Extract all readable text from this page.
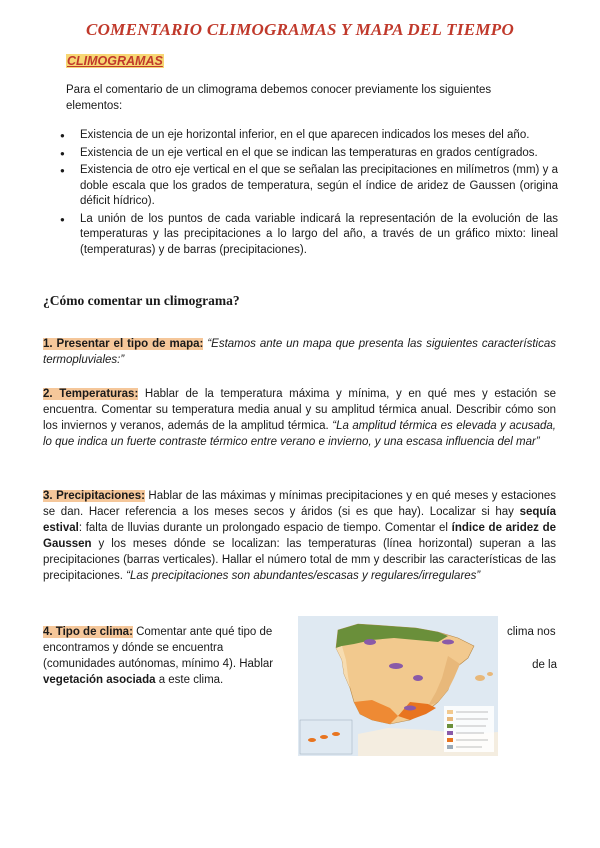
COMENTARIO CLIMOGRAMAS Y MAPA DEL TIEMPO
CLIMOGRAMAS

Para el comentario de un climograma debemos conocer previamente los siguientes elementos:

● Existencia de un eje horizontal inferior, en el que aparecen indicados los meses del año.
● Existencia de un eje vertical en el que se indican las temperaturas en grados centígrados.
● Existencia de otro eje vertical en el que se señalan las precipitaciones en milímetros (mm) y a doble escala que los grados de temperatura, según el índice de aridez de Gaussen (origina déficit hídrico).
● La unión de los puntos de cada variable indicará la representación de la evolución de las temperaturas y las precipitaciones a lo largo del año, a través de un gráfico mixto: lineal (temperaturas) y de barras (precipitaciones).
¿Cómo comentar un climograma?

1. Presentar el tipo de mapa: “Estamos ante un mapa que presenta las siguientes características termopluviales:”

2. Temperaturas: Hablar de la temperatura máxima y mínima, y en qué mes y estación se encuentra. Comentar su temperatura media anual y su amplitud térmica anual. Describir cómo son los inviernos y veranos, además de la amplitud térmica. “La amplitud térmica es elevada y acusada, lo que indica un fuerte contraste térmico entre verano e invierno, y una escasa influencia del mar”

3. Precipitaciones: Hablar de las máximas y mínimas precipitaciones y en qué meses y estaciones se dan. Hacer referencia a los meses secos y áridos (si es que hay). Localizar si hay sequía estival: falta de lluvias durante un prolongado espacio de tiempo. Comentar el índice de aridez de Gaussen y los meses dónde se localizan: las temperaturas (línea horizontal) superan a las precipitaciones (barras verticales). Hallar el número total de mm y describir las características de las precipitaciones. “Las precipitaciones son abundantes/escasas y regulares/irregulares”

4. Tipo de clima: Comentar ante qué tipo de
encontramos y dónde se encuentra (comunidades autónomas, mínimo 4). Hablar vegetación asociada a este clima.
clima nos
de la
